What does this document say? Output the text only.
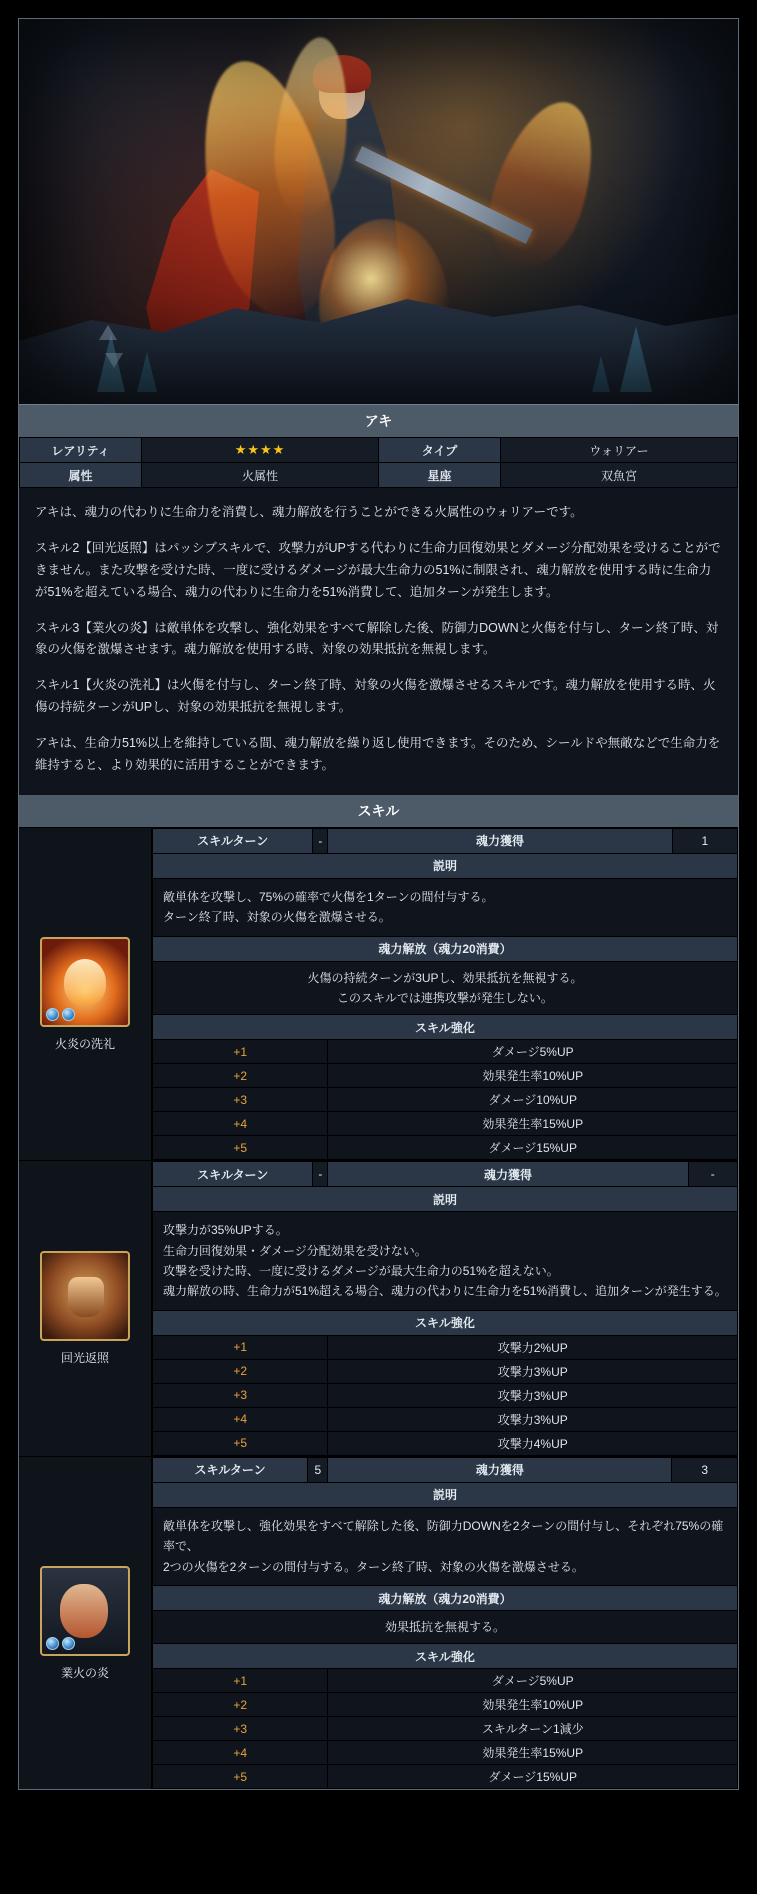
アキ
レアリティ	★★★★	タイプ	ウォリアー
属性	火属性	星座	双魚宮

アキは、魂力の代わりに生命力を消費し、魂力解放を行うことができる火属性のウォリアーです。

スキル2【回光返照】はパッシブスキルで、攻撃力がUPする代わりに生命力回復効果とダメージ分配効果を受けることができません。また攻撃を受けた時、一度に受けるダメージが最大生命力の51%に制限され、魂力解放を使用する時に生命力が51%を超えている場合、魂力の代わりに生命力を51%消費して、追加ターンが発生します。

スキル3【業火の炎】は敵単体を攻撃し、強化効果をすべて解除した後、防御力DOWNと火傷を付与し、ターン終了時、対象の火傷を激爆させます。魂力解放を使用する時、対象の効果抵抗を無視します。

スキル1【火炎の洗礼】は火傷を付与し、ターン終了時、対象の火傷を激爆させるスキルです。魂力解放を使用する時、火傷の持続ターンがUPし、対象の効果抵抗を無視します。

アキは、生命力51%以上を維持している間、魂力解放を繰り返し使用できます。そのため、シールドや無敵などで生命力を維持すると、より効果的に活用することができます。

スキル
火炎の洗礼
スキルターン	-	魂力獲得	1
説明			
敵単体を攻撃し、75%の確率で火傷を1ターンの間付与する。
ターン終了時、対象の火傷を激爆させる。			
魂力解放（魂力20消費）			
火傷の持続ターンが3UPし、効果抵抗を無視する。
このスキルでは連携攻撃が発生しない。			
スキル強化			
+1		ダメージ5%UP	
+2		効果発生率10%UP	
+3		ダメージ10%UP	
+4		効果発生率15%UP	
+5		ダメージ15%UP	
回光返照
スキルターン	-	魂力獲得	-
説明			
攻撃力が35%UPする。
生命力回復効果・ダメージ分配効果を受けない。
攻撃を受けた時、一度に受けるダメージが最大生命力の51%を超えない。
魂力解放の時、生命力が51%超える場合、魂力の代わりに生命力を51%消費し、追加ターンが発生する。			
スキル強化			
+1		攻撃力2%UP	
+2		攻撃力3%UP	
+3		攻撃力3%UP	
+4		攻撃力3%UP	
+5		攻撃力4%UP	
業火の炎
スキルターン	5	魂力獲得	3
説明			
敵単体を攻撃し、強化効果をすべて解除した後、防御力DOWNを2ターンの間付与し、それぞれ75%の確率で、
2つの火傷を2ターンの間付与する。ターン終了時、対象の火傷を激爆させる。			
魂力解放（魂力20消費）			
効果抵抗を無視する。			
スキル強化			
+1		ダメージ5%UP	
+2		効果発生率10%UP	
+3		スキルターン1減少	
+4		効果発生率15%UP	
+5		ダメージ15%UP	
